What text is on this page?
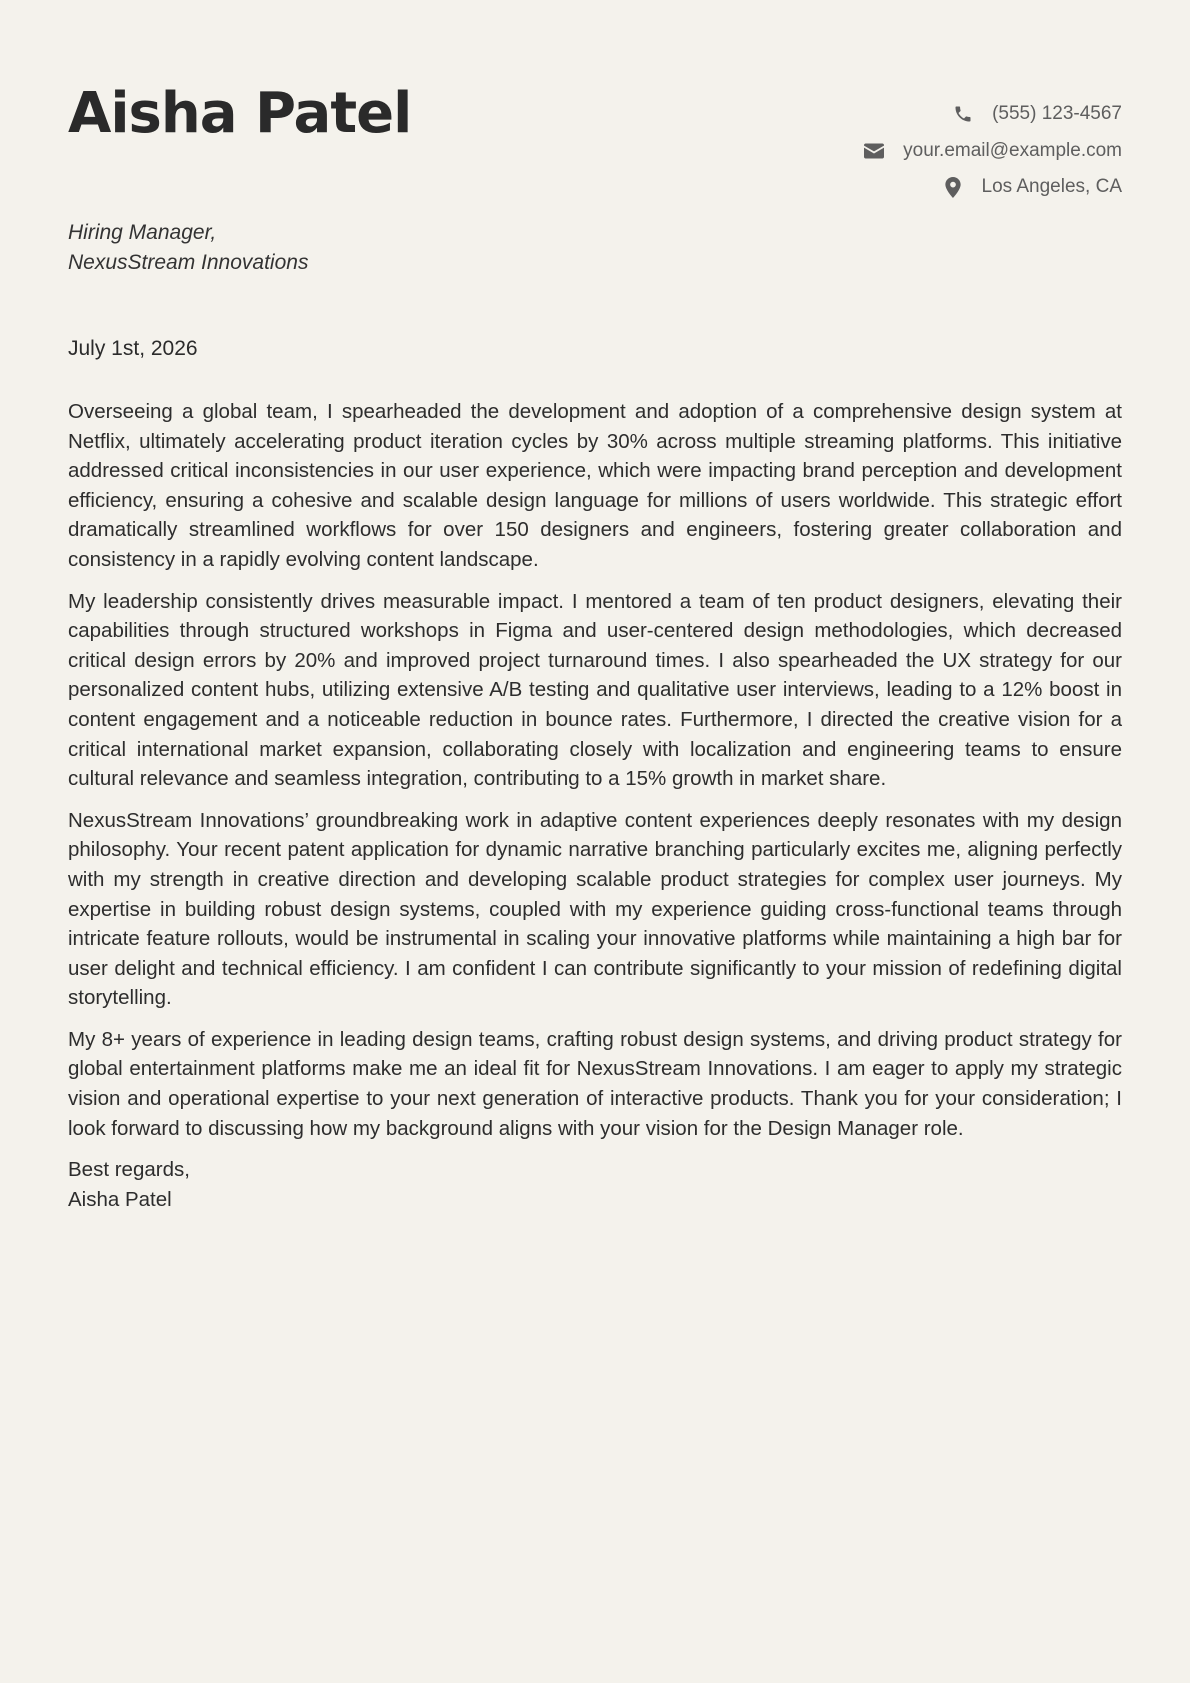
Aisha Patel	(555) 123-4567
your.email@example.com
Los Angeles, CA
Hiring Manager,
NexusStream Innovations
July 1st, 2026

Overseeing a global team, I spearheaded the development and adoption of a comprehensive design system at Netflix, ultimately accelerating product iteration cycles by 30% across multiple streaming platforms. This initiative addressed critical inconsistencies in our user experience, which were impacting brand perception and development efficiency, ensuring a cohesive and scalable design language for millions of users worldwide. This strategic effort dramatically streamlined workflows for over 150 designers and engineers, fostering greater collaboration and consistency in a rapidly evolving content landscape.

My leadership consistently drives measurable impact. I mentored a team of ten product designers, elevating their capabilities through structured workshops in Figma and user-centered design methodologies, which decreased critical design errors by 20% and improved project turnaround times. I also spearheaded the UX strategy for our personalized content hubs, utilizing extensive A/B testing and qualitative user interviews, leading to a 12% boost in content engagement and a noticeable reduction in bounce rates. Furthermore, I directed the creative vision for a critical international market expansion, collaborating closely with localization and engineering teams to ensure cultural relevance and seamless integration, contributing to a 15% growth in market share.

NexusStream Innovations’ groundbreaking work in adaptive content experiences deeply resonates with my design philosophy. Your recent patent application for dynamic narrative branching particularly excites me, aligning perfectly with my strength in creative direction and developing scalable product strategies for complex user journeys. My expertise in building robust design systems, coupled with my experience guiding cross-functional teams through intricate feature rollouts, would be instrumental in scaling your innovative platforms while maintaining a high bar for user delight and technical efficiency. I am confident I can contribute significantly to your mission of redefining digital storytelling.

My 8+ years of experience in leading design teams, crafting robust design systems, and driving product strategy for global entertainment platforms make me an ideal fit for NexusStream Innovations. I am eager to apply my strategic vision and operational expertise to your next generation of interactive products. Thank you for your consideration; I look forward to discussing how my background aligns with your vision for the Design Manager role.

Best regards,
Aisha Patel
